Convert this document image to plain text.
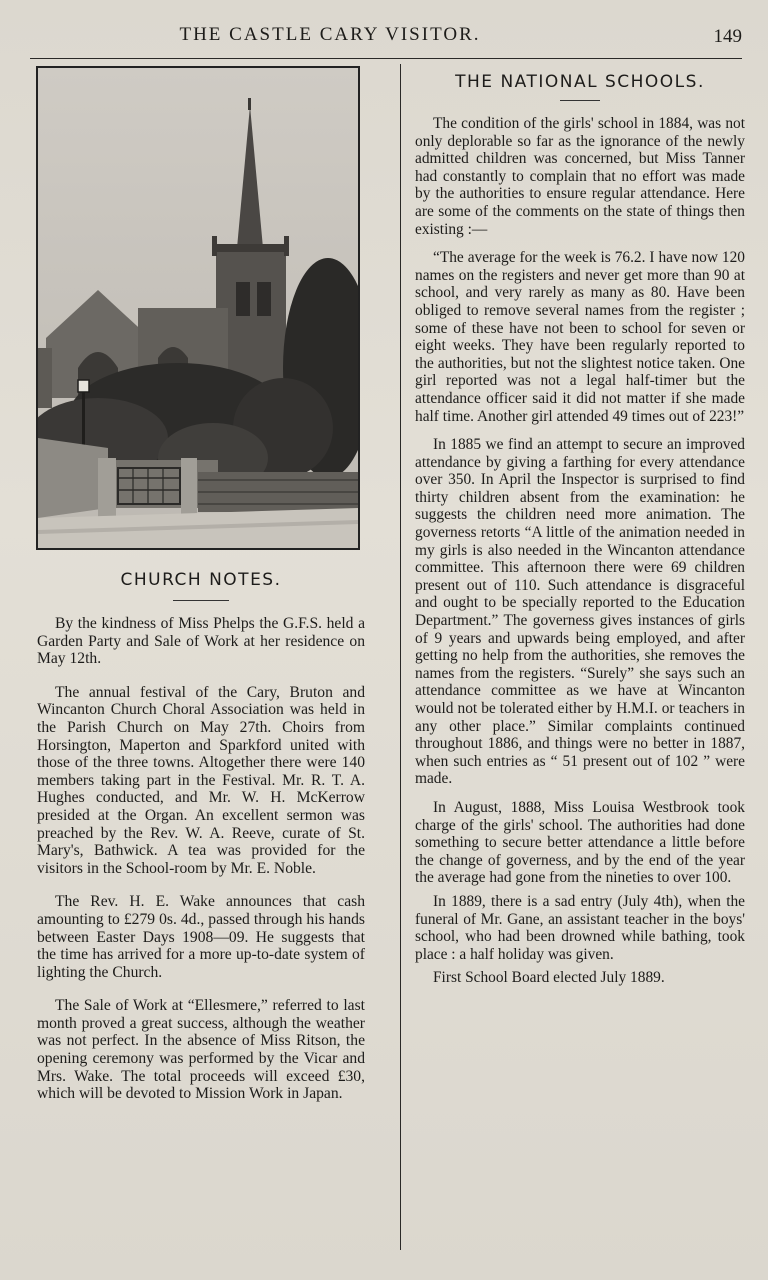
THE CASTLE CARY VISITOR.	149
CHURCH NOTES.

By the kindness of Miss Phelps the G.F.S. held a Garden Party and Sale of Work at her residence on May 12th.

The annual festival of the Cary, Bruton and Wincanton Church Choral Association was held in the Parish Church on May 27th. Choirs from Horsington, Maperton and Sparkford united with those of the three towns. Altogether there were 140 members taking part in the Festival. Mr. R. T. A. Hughes conducted, and Mr. W. H. McKerrow presided at the Organ. An excellent sermon was preached by the Rev. W. A. Reeve, curate of St. Mary's, Bathwick. A tea was provided for the visitors in the School-room by Mr. E. Noble.

The Rev. H. E. Wake announces that cash amounting to £279 0s. 4d., passed through his hands between Easter Days 1908—09. He suggests that the time has arrived for a more up-to-date system of lighting the Church.

The Sale of Work at “Ellesmere,” referred to last month proved a great success, although the weather was not perfect. In the absence of Miss Ritson, the opening ceremony was performed by the Vicar and Mrs. Wake. The total proceeds will exceed £30, which will be devoted to Mission Work in Japan.

THE NATIONAL SCHOOLS.

The condition of the girls' school in 1884, was not only deplorable so far as the ignorance of the newly admitted children was concerned, but Miss Tanner had constantly to complain that no effort was made by the authorities to ensure regular attendance. Here are some of the comments on the state of things then existing :—

“The average for the week is 76.2. I have now 120 names on the registers and never get more than 90 at school, and very rarely as many as 80. Have been obliged to remove several names from the register ; some of these have not been to school for seven or eight weeks. They have been regularly reported to the authorities, but not the slightest notice taken. One girl reported was not a legal half-timer but the attendance officer said it did not matter if she made half time. Another girl attended 49 times out of 223!”

In 1885 we find an attempt to secure an improved attendance by giving a farthing for every attendance over 350. In April the Inspector is surprised to find thirty children absent from the examination: he suggests the children need more animation. The governess retorts “A little of the animation needed in my girls is also needed in the Wincanton attendance committee. This afternoon there were 69 children present out of 110. Such attendance is disgraceful and ought to be specially reported to the Education Department.” The governess gives instances of girls of 9 years and upwards being employed, and after getting no help from the authorities, she removes the names from the registers. “Surely” she says such an attendance committee as we have at Wincanton would not be tolerated either by H.M.I. or teachers in any other place.” Similar complaints continued throughout 1886, and things were no better in 1887, when such entries as “ 51 present out of 102 ” were made.

In August, 1888, Miss Louisa Westbrook took charge of the girls' school. The authorities had done something to secure better attendance a little before the change of governess, and by the end of the year the average had gone from the nineties to over 100.

In 1889, there is a sad entry (July 4th), when the funeral of Mr. Gane, an assistant teacher in the boys' school, who had been drowned while bathing, took place : a half holiday was given.

First School Board elected July 1889.
